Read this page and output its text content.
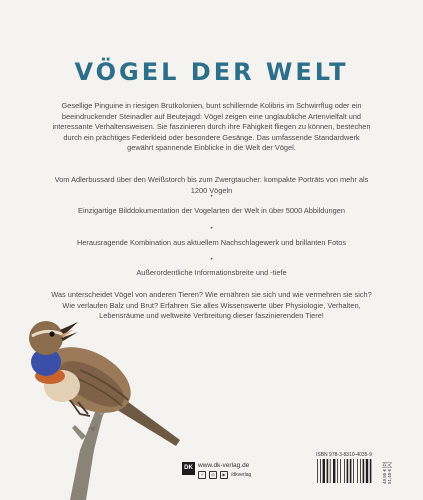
VÖGEL DER WELT
Gesellige Pinguine in riesigen Brutkolonien, bunt schillernde Kolibris im Schwirrflug oder ein beeindruckender Steinadler auf Beutejagd: Vögel zeigen eine unglaubliche Artenvielfalt und interessante Verhaltensweisen. Sie faszinieren durch ihre Fähigkeit fliegen zu können, bestechen durch ein prächtiges Federkleid oder besondere Gesänge. Das umfassende Standardwerk gewährt spannende Einblicke in die Welt der Vögel.
Vom Adlerbussard über den Weißstorch bis zum Zwergtaucher: kompakte Porträts von mehr als 1200 Vögeln
•
Einzigartige Bilddokumentation der Vogelarten der Welt in über 5000 Abbildungen
•
Herausragende Kombination aus aktuellem Nachschlagewerk und brillanten Fotos
•
Außerordentliche Informationsbreite und -tiefe
Was unterscheidet Vögel von anderen Tieren? Wie ernähren sie sich und wie vermehren sie sich? Wie verlaufen Balz und Brut? Erfahren Sie alles Wissenswerte über Physiologie, Verhalten, Lebensräume und weltweite Verbreitung dieser faszinierenden Tiere!
DK www.dk-verlag.de
f	◎	▶	/dkverlag
ISBN 978-3-8310-4035-9
49,95 € [D] 51,40 € [A]
